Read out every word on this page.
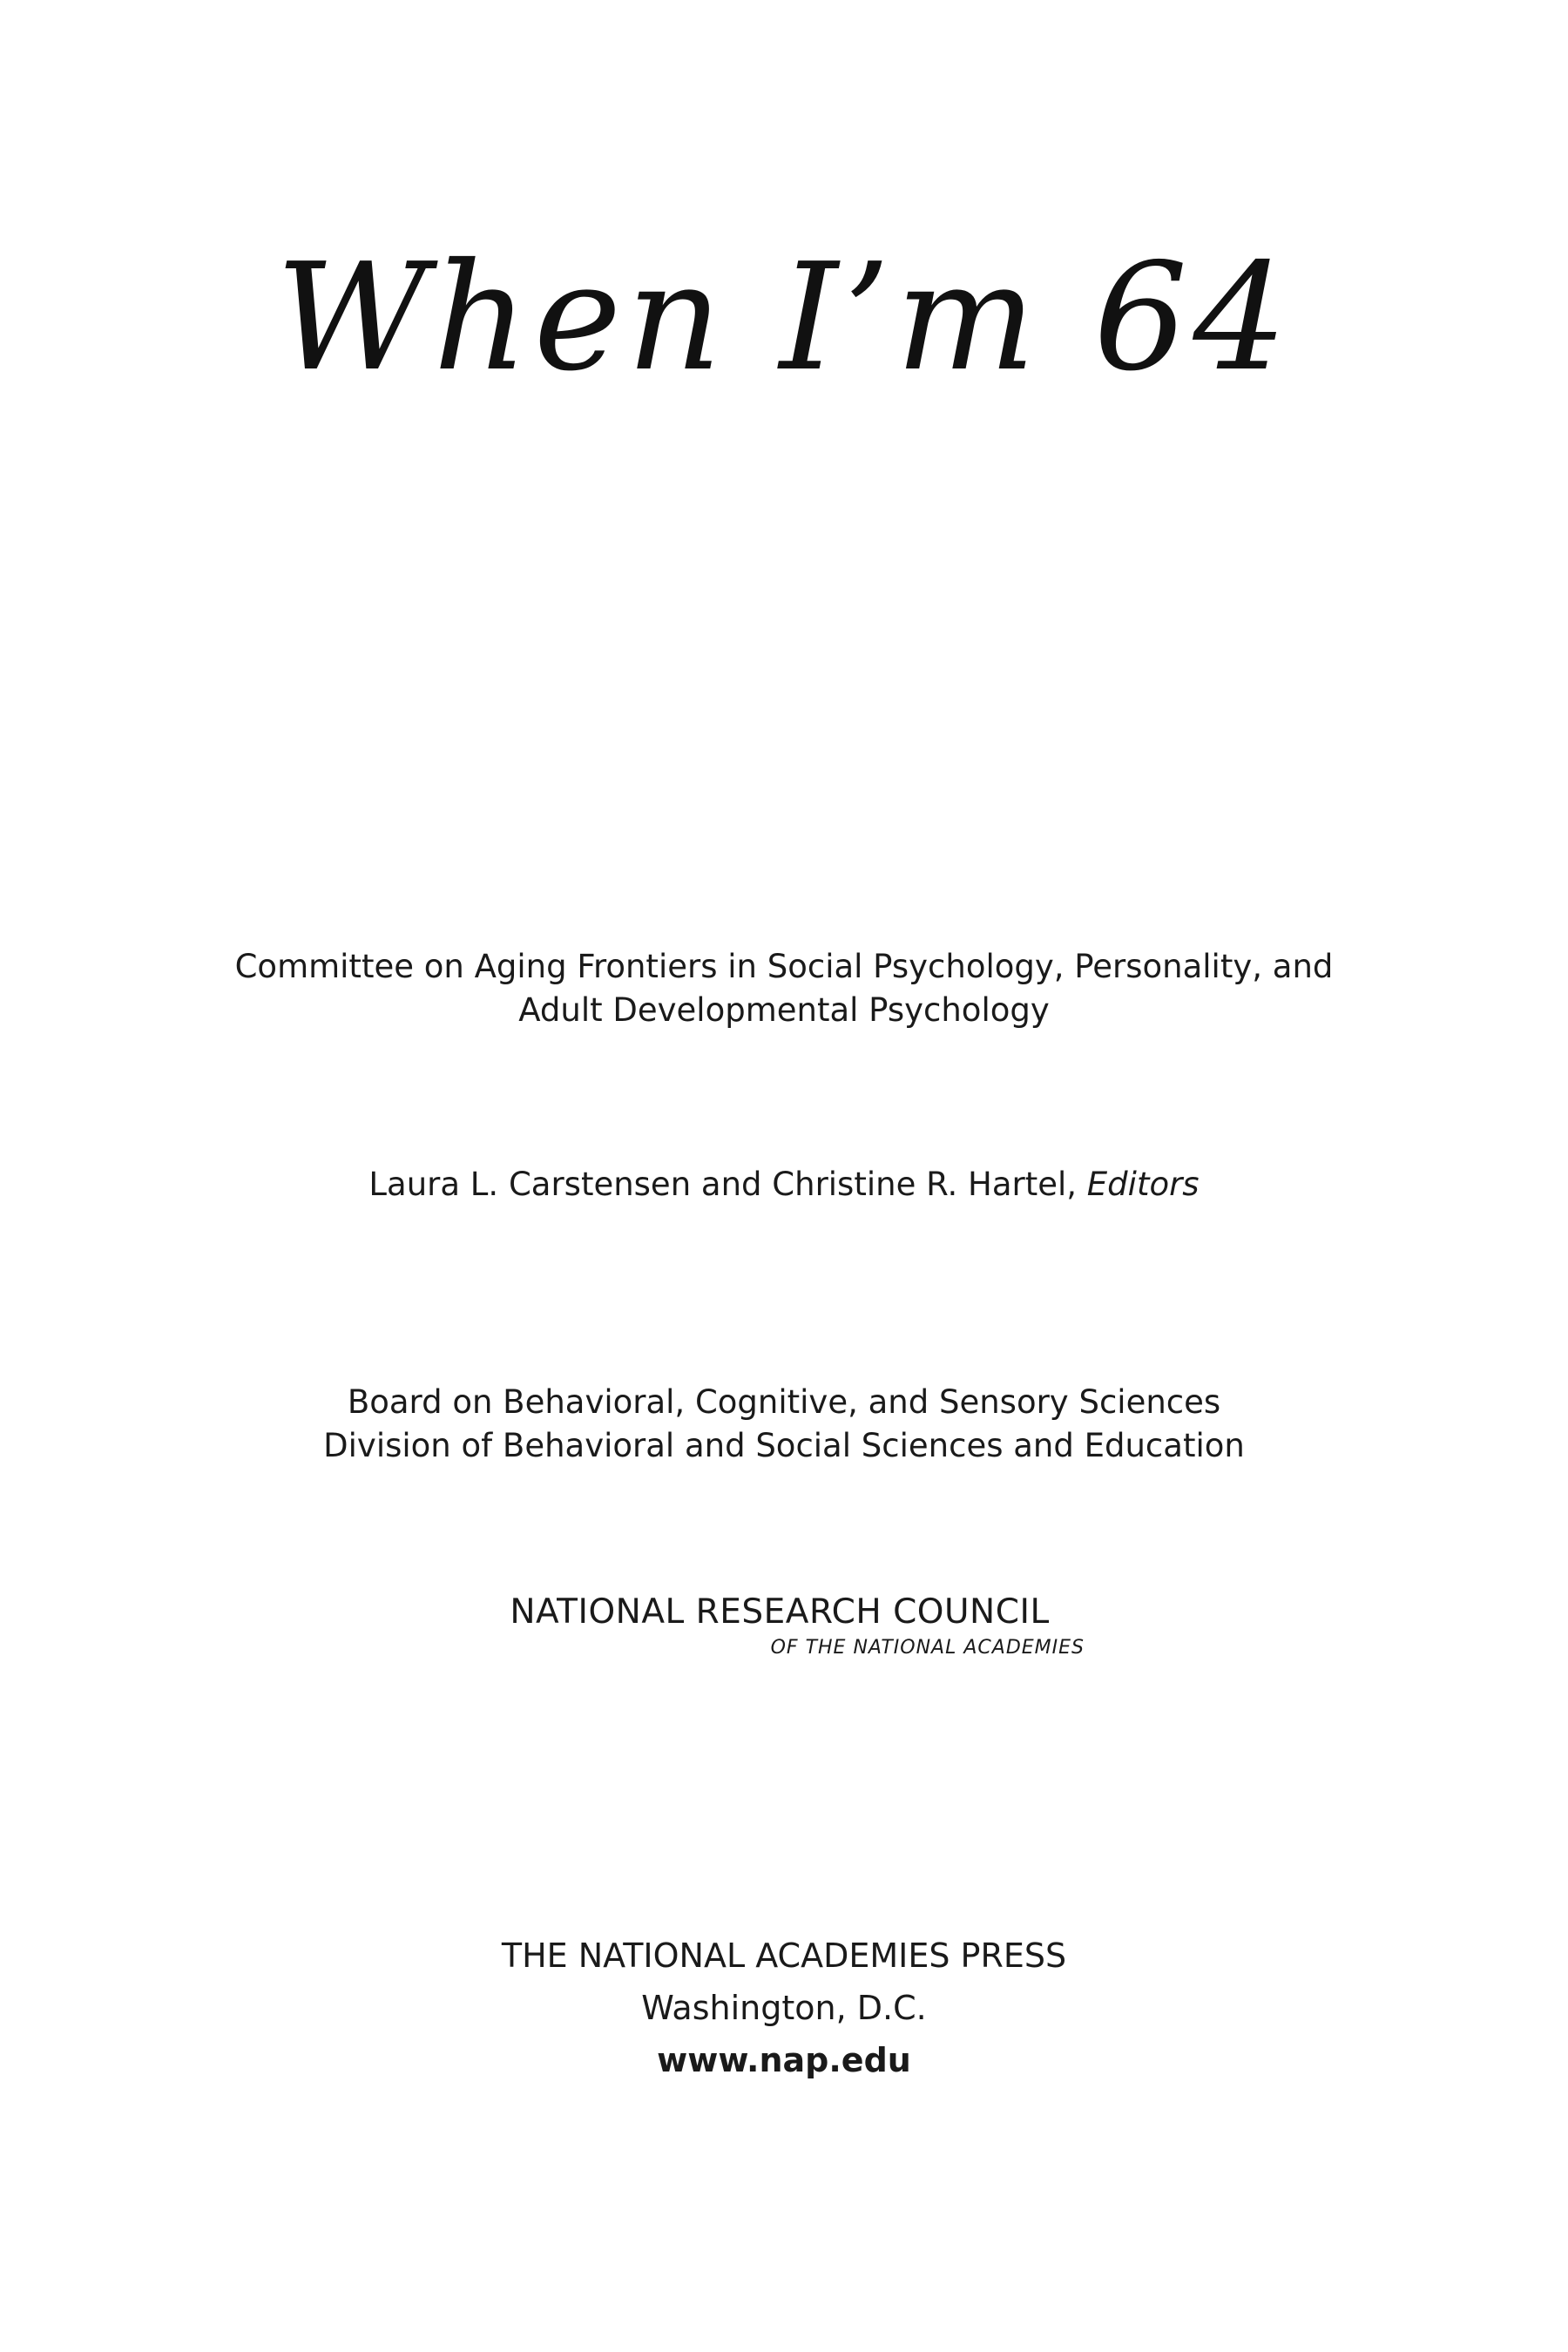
When I’m 64
Committee on Aging Frontiers in Social Psychology, Personality, and
Adult Developmental Psychology
Laura L. Carstensen and Christine R. Hartel, Editors
Board on Behavioral, Cognitive, and Sensory Sciences
Division of Behavioral and Social Sciences and Education
NATIONAL RESEARCH COUNCIL
OF THE NATIONAL ACADEMIES
THE NATIONAL ACADEMIES PRESS
Washington, D.C.
www.nap.edu
